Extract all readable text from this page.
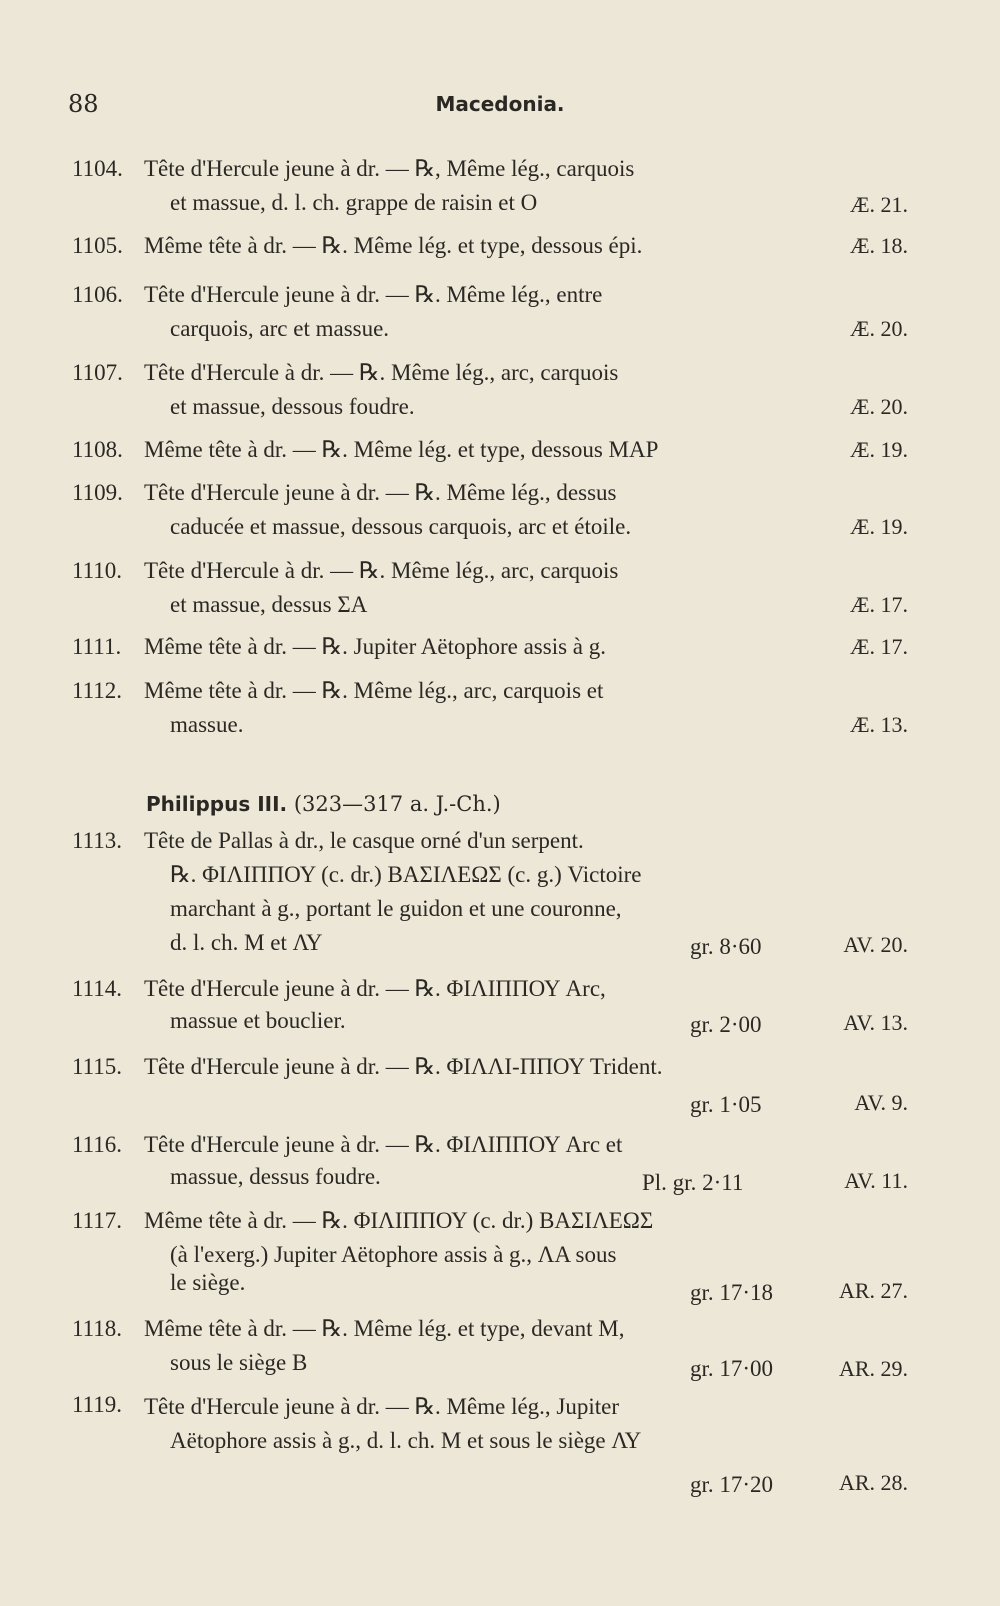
88	Macedonia.
1104. Tête d'Hercule jeune à dr. — ℞, Même lég., carquois
et massue, d. l. ch. grappe de raisin et O	Æ. 21.
1105. Même tête à dr. — ℞. Même lég. et type, dessous épi.	Æ. 18.
1106. Tête d'Hercule jeune à dr. — ℞. Même lég., entre
carquois, arc et massue.	Æ. 20.
1107. Tête d'Hercule à dr. — ℞. Même lég., arc, carquois
et massue, dessous foudre.	Æ. 20.
1108. Même tête à dr. — ℞. Même lég. et type, dessous MAP	Æ. 19.
1109. Tête d'Hercule jeune à dr. — ℞. Même lég., dessus
caducée et massue, dessous carquois, arc et étoile.	Æ. 19.
1110. Tête d'Hercule à dr. — ℞. Même lég., arc, carquois
et massue, dessus ΣA	Æ. 17.
1111. Même tête à dr. — ℞. Jupiter Aëtophore assis à g.	Æ. 17.
1112. Même tête à dr. — ℞. Même lég., arc, carquois et
massue.	Æ. 13.
Philippus III. (323—317 a. J.-Ch.)
1113. Tête de Pallas à dr., le casque orné d'un serpent.
℞. ΦΙΛΙΠΠΟΥ (c. dr.) ΒΑΣΙΛΕΩΣ (c. g.) Victoire
marchant à g., portant le guidon et une couronne,
d. l. ch. M et ΛΥ	gr. 8·60	AV. 20.
1114. Tête d'Hercule jeune à dr. — ℞. ΦΙΛΙΠΠΟΥ Arc,
massue et bouclier.	gr. 2·00	AV. 13.
1115. Tête d'Hercule jeune à dr. — ℞. ΦΙΛΛΙ-ΠΠΟΥ Trident.
gr. 1·05	AV. 9.
1116. Tête d'Hercule jeune à dr. — ℞. ΦΙΛΙΠΠΟΥ Arc et
massue, dessus foudre.	Pl. gr. 2·11	AV. 11.
1117. Même tête à dr. — ℞. ΦΙΛΙΠΠΟΥ (c. dr.) ΒΑΣΙΛΕΩΣ
(à l'exerg.) Jupiter Aëtophore assis à g., ΛA sous
le siège.	gr. 17·18	AR. 27.
1118. Même tête à dr. — ℞. Même lég. et type, devant M,
sous le siège B	gr. 17·00	AR. 29.
1119. Tête d'Hercule jeune à dr. — ℞. Même lég., Jupiter
Aëtophore assis à g., d. l. ch. M et sous le siège ΛΥ
gr. 17·20	AR. 28.
